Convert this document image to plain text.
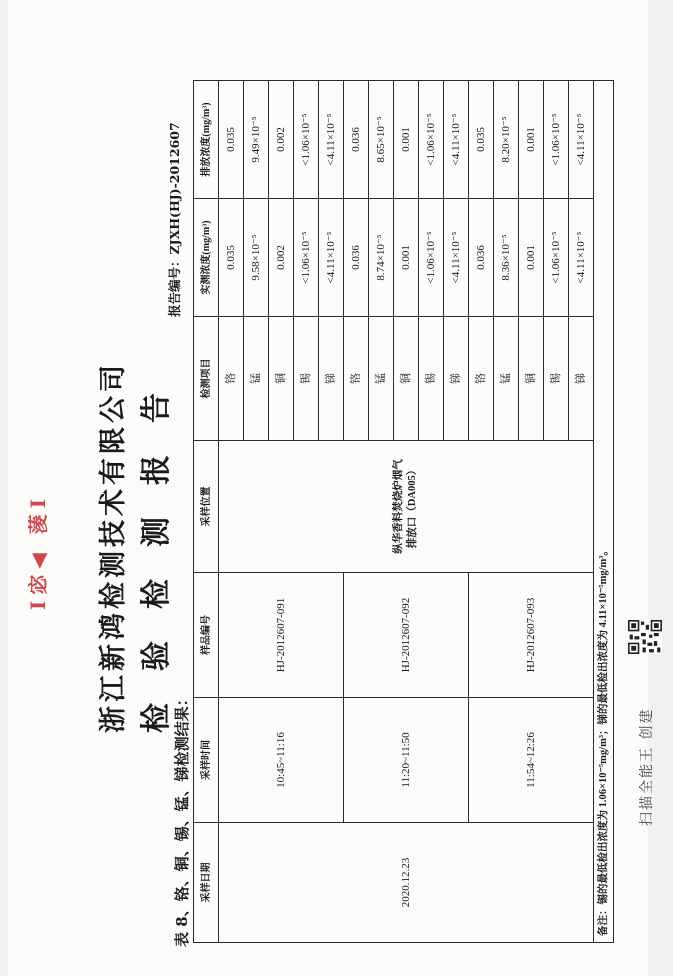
Ⅰ宓◀ 蔆Ⅰ 浙江新鸿检测技术有限公司 检验检测报告
报告编号：ZJXH(HJ)-2012607
表 8、铬、铜、锡、锰、锑检测结果： 采样日期	采样时间	样品编号	采样位置	检测项目	实测浓度(mg/m³)	排放浓度(mg/m³)
2020.12.23	10:45~11:16	HJ-2012607-091	纵华香料焚烧炉烟气 排放口（DA005）	铬	0.035	0.035
				锰	9.58×10⁻⁵	9.49×10⁻⁵
				铜	0.002	0.002
				锡	<1.06×10⁻⁵	<1.06×10⁻⁵
				锑	<4.11×10⁻⁵	<4.11×10⁻⁵
	11:20~11:50	HJ-2012607-092		铬	0.036	0.036
				锰	8.74×10⁻⁵	8.65×10⁻⁵
				铜	0.001	0.001
				锡	<1.06×10⁻⁵	<1.06×10⁻⁵
				锑	<4.11×10⁻⁵	<4.11×10⁻⁵
	11:54~12:26	HJ-2012607-093		铬	0.036	0.035
				锰	8.36×10⁻⁵	8.20×10⁻⁵
				铜	0.001	0.001
				锡	<1.06×10⁻⁵	<1.06×10⁻⁵
				锑	<4.11×10⁻⁵	<4.11×10⁻⁵
备注：锡的最低检出浓度为 1.06×10⁻⁵mg/m³；锑的最低检出浓度为 4.11×10⁻⁵mg/m³。							扫描全能王 创建
